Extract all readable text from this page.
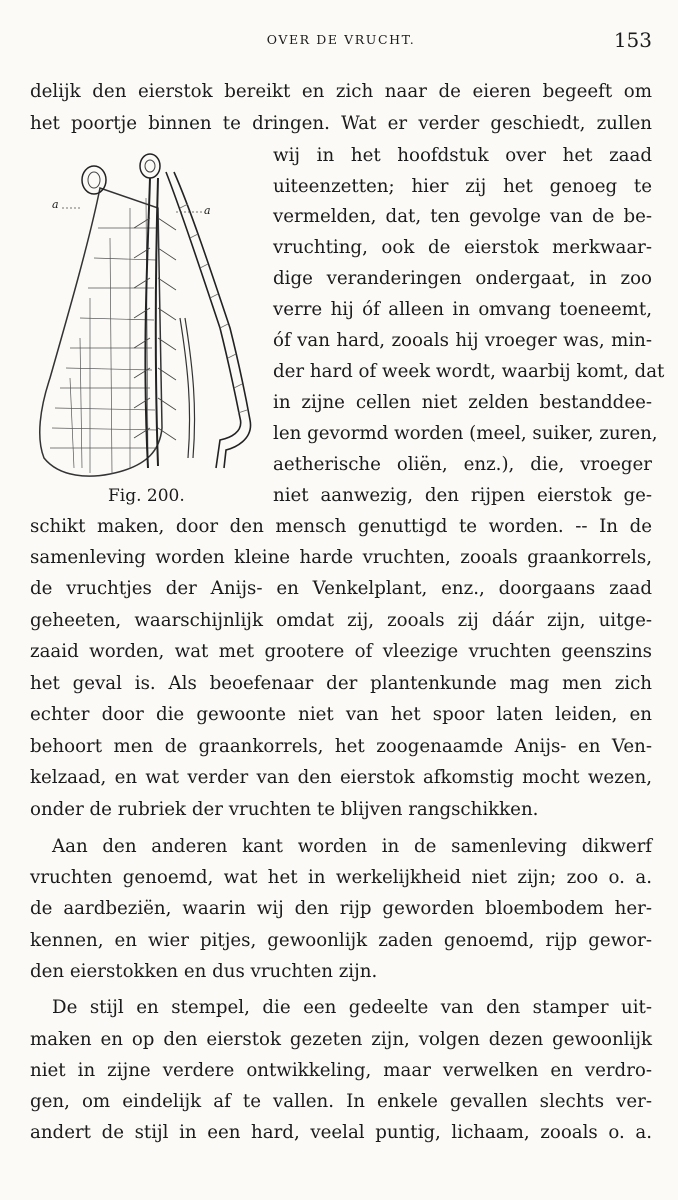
OVER DE VRUCHT.	153
a	a
Fig. 200.
delijk den eierstok bereikt en zich naar de eieren begeeft om
het poortje binnen te dringen. Wat er verder geschiedt, zullen
wij in het hoofdstuk over het zaad
uiteenzetten; hier zij het genoeg te
vermelden, dat, ten gevolge van de be-
vruchting, ook de eierstok merkwaar-
dige veranderingen ondergaat, in zoo
verre hij óf alleen in omvang toeneemt,
óf van hard, zooals hij vroeger was, min-
der hard of week wordt, waarbij komt, dat
in zijne cellen niet zelden bestanddee-
len gevormd worden (meel, suiker, zuren,
aetherische oliën, enz.), die, vroeger
niet aanwezig, den rijpen eierstok ge-
schikt maken, door den mensch genuttigd te worden. -- In de
samenleving worden kleine harde vruchten, zooals graankorrels,
de vruchtjes der Anijs- en Venkelplant, enz., doorgaans zaad
geheeten, waarschijnlijk omdat zij, zooals zij dáár zijn, uitge-
zaaid worden, wat met grootere of vleezige vruchten geenszins
het geval is. Als beoefenaar der plantenkunde mag men zich
echter door die gewoonte niet van het spoor laten leiden, en
behoort men de graankorrels, het zoogenaamde Anijs- en Ven-
kelzaad, en wat verder van den eierstok afkomstig mocht wezen,
onder de rubriek der vruchten te blijven rangschikken.
Aan den anderen kant worden in de samenleving dikwerf
vruchten genoemd, wat het in werkelijkheid niet zijn; zoo o. a.
de aardbeziën, waarin wij den rijp geworden bloembodem her-
kennen, en wier pitjes, gewoonlijk zaden genoemd, rijp gewor-
den eierstokken en dus vruchten zijn.
De stijl en stempel, die een gedeelte van den stamper uit-
maken en op den eierstok gezeten zijn, volgen dezen gewoonlijk
niet in zijne verdere ontwikkeling, maar verwelken en verdro-
gen, om eindelijk af te vallen. In enkele gevallen slechts ver-
andert de stijl in een hard, veelal puntig, lichaam, zooals o. a.
